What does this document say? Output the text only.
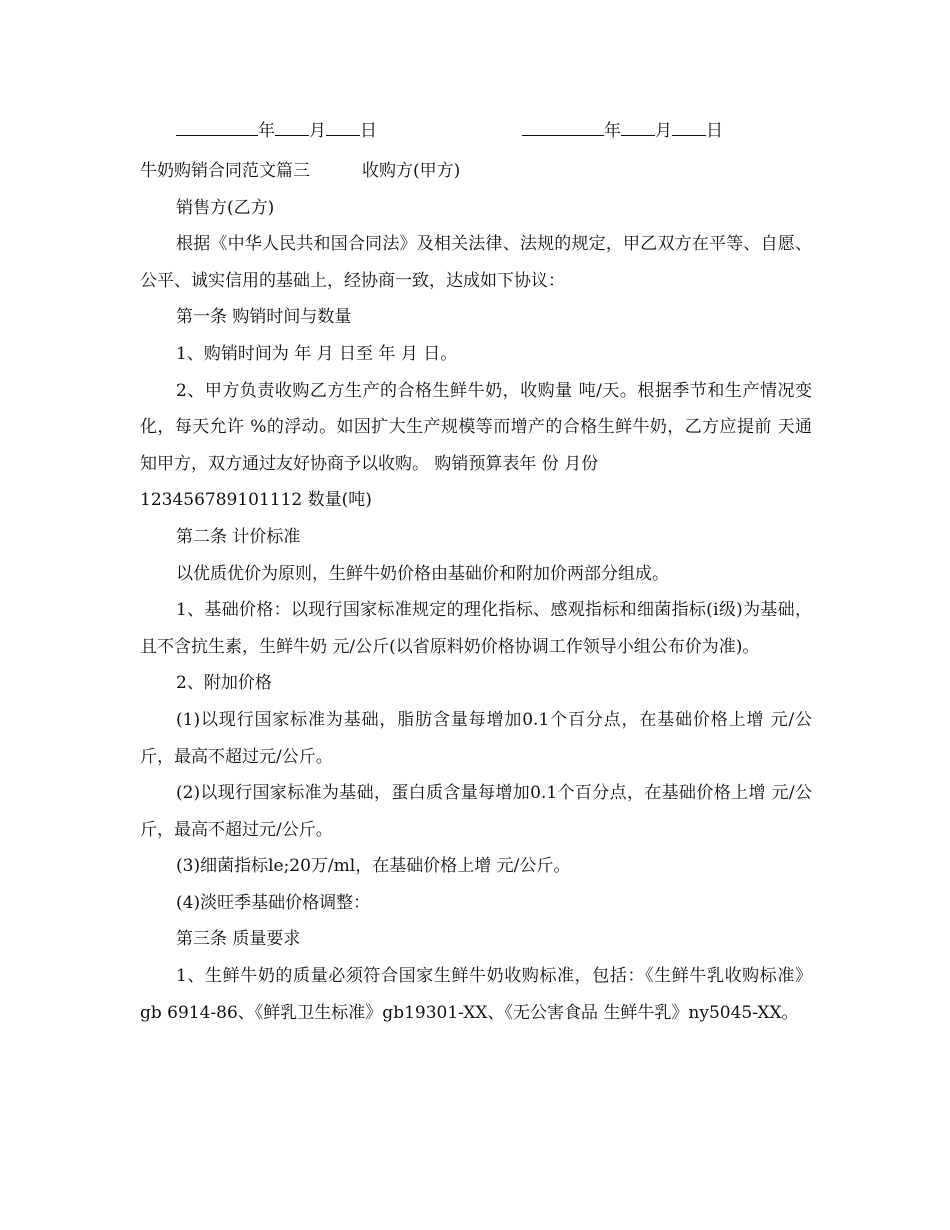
年 月 日	年 月 日

牛奶购销合同范文篇三	收购方(甲方)

销售方(乙方)

根据《中华人民共和国合同法》及相关法律、法规的规定，甲乙双方在平等、自愿、公平、诚实信用的基础上，经协商一致，达成如下协议：

第一条 购销时间与数量

1、购销时间为 年 月 日至 年 月 日。

2、甲方负责收购乙方生产的合格生鲜牛奶，收购量 吨/天。根据季节和生产情况变化，每天允许 %的浮动。如因扩大生产规模等而增产的合格生鲜牛奶，乙方应提前 天通知甲方，双方通过友好协商予以收购。 购销预算表年 份 月份

123456789101112 数量(吨)

第二条 计价标准

以优质优价为原则，生鲜牛奶价格由基础价和附加价两部分组成。

1、基础价格：以现行国家标准规定的理化指标、感观指标和细菌指标(ⅰ级)为基础，且不含抗生素，生鲜牛奶 元/公斤(以省原料奶价格协调工作领导小组公布价为准)。

2、附加价格

(1)以现行国家标准为基础，脂肪含量每增加0.1个百分点，在基础价格上增 元/公斤，最高不超过元/公斤。

(2)以现行国家标准为基础，蛋白质含量每增加0.1个百分点，在基础价格上增 元/公斤，最高不超过元/公斤。

(3)细菌指标le;20万/ml，在基础价格上增 元/公斤。

(4)淡旺季基础价格调整：

第三条 质量要求

1、生鲜牛奶的质量必须符合国家生鲜牛奶收购标准，包括：《生鲜牛乳收购标准》gb 6914-86、《鲜乳卫生标准》gb19301-XX、《无公害食品 生鲜牛乳》ny5045-XX。
